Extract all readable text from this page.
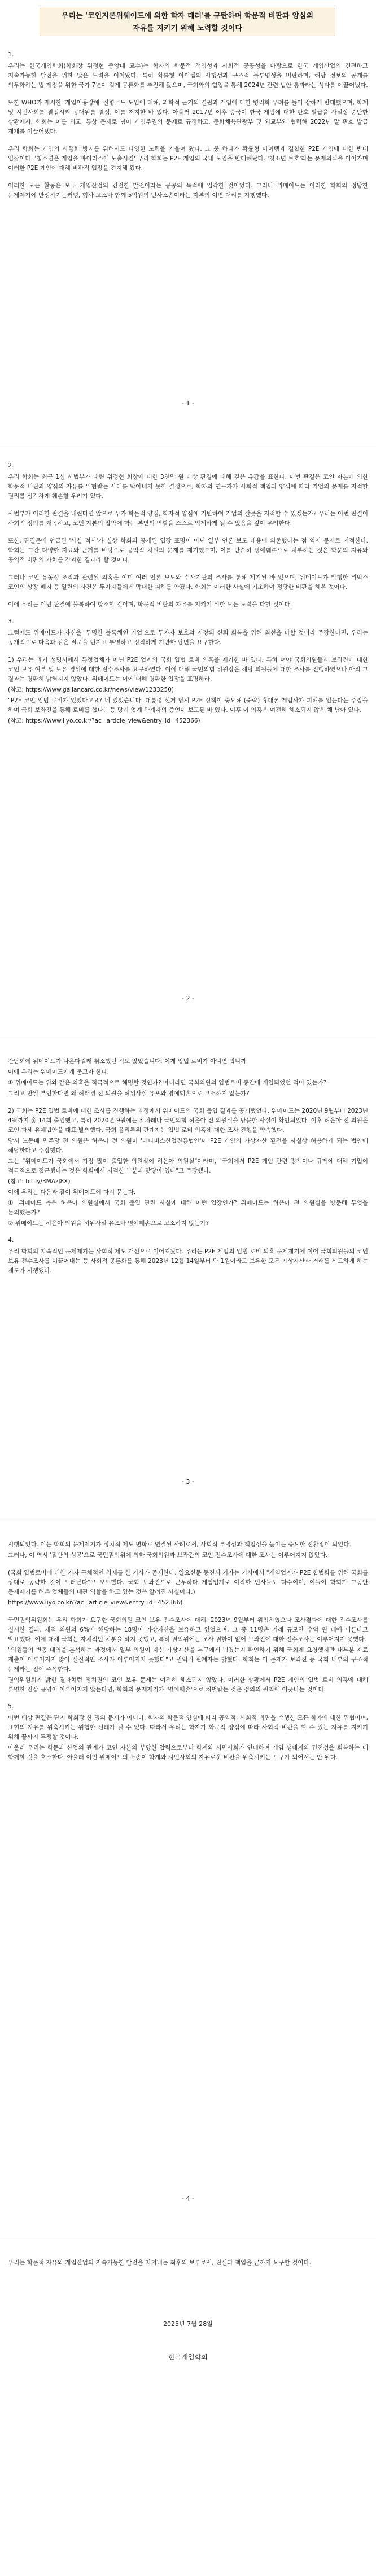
우리는 '코인지론위웨이드에 의한 학자 테러'를 규탄하며 학문적 비판과 양심의
자유를 지키기 위해 노력할 것이다
1.

우리는 한국게임학회(학회장 위정현 중앙대 교수)는 학자의 학문적 책임성과 사회적 공공성을 바탕으로 한국 게임산업의 건전하고 지속가능한 발전을 위한 많은 노력을 이어왔다. 특히 확률형 아이템의 사행성과 구조적 불투명성을 비판하며, 해당 정보의 공개를 의무화하는 법 제정을 위한 국가 7년여 길게 공론화를 추진해 왔으며, 국회와의 협업을 통해 2024년 관련 법안 통과라는 성과를 이끌어냈다.

또한 WHO가 제시한 '게임이용장애' 질병코드 도입에 대해, 과학적 근거의 결핍과 게임에 대한 병리화 우려를 들어 강하게 반대했으며, 학계 및 시민사회를 결집시켜 공대위를 결성, 이를 저지한 바 있다. 아울러 2017년 이후 중국이 한국 게임에 대한 판호 발급을 사실상 중단한 상황에서, 학회는 이를 외교, 통상 문제로 넘어 게임주권의 문제로 규정하고, 문화체육관광부 및 외교부와 협력해 2022년 말 판호 발급 재개를 이끌어냈다.

우리 학회는 게임의 사행화 방지를 위해서도 다양한 노력을 기울여 왔다. 그 중 하나가 확률형 아이템과 결합한 P2E 게임에 대한 반대 입장이다. '청소년은 게임을 바이러스에 노출시킨' 우리 학회는 P2E 게임의 국내 도입을 반대해왔다. '청소년 보호'라는 문제의식을 이어가며 이러한 P2E 게임에 대해 비판적 입장을 견지해 왔다.

이러한 모든 활동은 모두 게임산업의 건전한 발전이라는 공공의 목적에 입각한 것이었다. 그러나 위메이드는 이러한 학회의 정당한 문제제기에 반성하기는커녕, 형사 고소와 함께 5억원의 민사소송이라는 자본의 이면 대리를 자행했다.

- 1 -
2.

우리 학회는 최근 1심 사법부가 내린 위정현 회장에 대한 3천만 원 배상 판결에 대해 깊은 유감을 표한다. 이번 판결은 코인 자본에 의한 학문적 비판과 양심의 자유를 위협받는 사태를 막아내지 못한 결정으로, 학자와 연구자가 사회적 책임과 양심에 따라 기업의 문제를 지적할 권리를 심각하게 훼손할 우려가 있다.

사법부가 이러한 판결을 내린다면 앞으로 누가 학문적 양심, 학자적 양심에 기반하여 기업의 잘못을 지적할 수 있겠는가? 우리는 이번 판결이 사회적 정의를 왜곡하고, 코인 자본의 압박에 학문 본연의 역할을 스스로 억제하게 될 수 있음을 깊이 우려한다.

또한, 판결문에 언급된 '사실 적시'가 실상 학회의 공개된 입장 표명이 아닌 일부 언론 보도 내용에 의존했다는 점 역시 문제로 지적한다. 학회는 그간 다양한 자료와 근거를 바탕으로 공익적 차원의 문제를 제기했으며, 이를 단순히 명예훼손으로 치부하는 것은 학문의 자유와 공익적 비판의 가치를 간과한 결과라 할 것이다.

그러나 코인 유동성 조작과 관련된 의혹은 이미 여러 언론 보도와 수사기관의 조사를 통해 제기된 바 있으며, 위메이드가 발행한 위믹스 코인의 상장 폐지 등 일련의 사건은 투자자들에게 막대한 피해를 안겼다. 학회는 이러한 사실에 기초하여 정당한 비판을 해온 것이다.

이에 우리는 이번 판결에 불복하여 항소할 것이며, 학문적 비판의 자유를 지키기 위한 모든 노력을 다할 것이다.

3.

그럼에도 위메이드가 자신을 '투명한 블록체인 기업'으로 투자자 보호와 시장의 신뢰 회복을 위해 최선을 다할 것이라 주장한다면, 우리는 공개적으로 다음과 같은 질문을 던지고 투명하고 정직하게 기만한 답변을 요구한다.

1) 우리는 과거 성명서에서 특정업체가 아닌 P2E 업계의 국회 입법 로비 의혹을 제기한 바 있다. 특히 여야 국회의원들과 보좌진에 대한 코인 보유 여부 및 보유 경위에 대한 전수조사를 요구하였다. 이에 대해 국민의힘 위원장은 해당 의원들에 대한 조사를 진행하였으나 아직 그 결과는 명확히 밝혀지지 않았다. 위메이드는 이에 대해 명확한 입장을 표명하라.

(참고: https://www.gallancard.co.kr/news/view/1233250)

"P2E 코인 입법 로비가 있었다고요? 네 있었습니다. 대통령 선거 당시 P2E 정책이 중요해 (중략) 휴대폰 게임사가 피해를 입는다는 주장을 하며 국회 보좌진을 통해 로비를 했다." 등 당시 업계 관계자의 증언이 보도된 바 있다. 이후 이 의혹은 여전히 해소되지 않은 채 남아 있다.

(참고: https://www.iiyo.co.kr/?ac=article_view&entry_id=452366)

- 2 -

간담회에 위메이드가 나온다길래 취소했던 적도 있었습니다. 이게 입법 로비가 아니면 뭡니까"

이에 우리는 위메이드에게 묻고자 한다.

① 위메이드는 위와 같은 의혹을 적극적으로 해명할 것인가? 아니라면 국회의원의 입법로비 중간에 개입되었던 적이 있는가?

그리고 만일 부인한다면 왜 허태경 전 의원을 허위사실 유포와 명예훼손으로 고소하지 않는가?

2) 국회는 P2E 입법 로비에 대한 조사를 진행하는 과정에서 위메이드의 국회 출입 결과를 공개했었다. 위메이드는 2020년 9월부터 2023년 4월까지 총 14회 출입했고, 특히 2020년 9월에는 3 차례나 국민의힘 허은아 전 의원실을 방문한 사실이 확인되었다. 이후 허은아 전 의원은 코인 과세 유예법안을 대표 발의했다. 국회 윤리특위 관계자는 입법 로비 의혹에 대한 조사 진행을 약속했다.

당시 노동배 민주당 전 의원은 허은아 전 의원이 '메타버스산업진흥법안'이 P2E 게임의 가상자산 환전을 사실상 허용하게 되는 법안에 해당한다고 주장했다.

그는 "위메이드가 국회에서 가장 많이 출입한 의원실이 허은아 의원실"이라며, "국회에서 P2E 게임 관련 정책이나 규제에 대해 기업이 적극적으로 접근했다는 것은 학회에서 지적한 부분과 맞닿아 있다"고 주장했다.

(참고: bit.ly/3MAzJ8X)

이에 우리는 다음과 같이 위메이드에 다시 묻는다.

① 위메이드 측은 허은아 의원실에서 국회 출입 관련 사실에 대해 어떤 입장인가? 위메이드는 허은아 전 의원실을 방문해 무엇을 논의했는가?

② 위메이드는 허은아 의원을 허위사실 유포와 명예훼손으로 고소하지 않는가?

4.

우리 학회의 지속적인 문제제기는 사회적 제도 개선으로 이어져왔다. 우리는 P2E 게임의 입법 로비 의혹 문제제기에 이어 국회의원들의 코인 보유 전수조사를 이끌어내는 등 사회적 공론화를 통해 2023년 12월 14일부터 단 1원이라도 보유한 모든 가상자산과 거래를 신고하게 하는 제도가 시행됐다.

- 3 -

시행되었다. 이는 학회의 문제제기가 정치적 제도 변화로 연결된 사례로서, 사회적 투명성과 책임성을 높이는 중요한 전환점이 되었다.

그러나, 이 역시 '절반의 성공'으로 국민권익위에 의한 국회의원과 보좌관의 코인 전수조사에 대한 조사는 이루어지지 않았다.

(국회 입법로비에 대한 기자 구체적인 취재를 한 기사가 존재한다. 일요신문 동진서 기자는 기사에서 "게임업계가 P2E 합법화를 위해 국회를 상대로 공략한 것이 드러났다"고 보도했다. 국회 보좌진으로 근무하다 게임업계로 이직한 인사들도 다수이며, 이들이 학회가 그동안 문제제기를 해온 업체들의 대관 역할을 하고 있는 것은 알려진 사실이다.)

https://www.iiyo.co.kr/?ac=article_view&entry_id=452366)

국민권익위원회는 우리 학회가 요구한 국회의원 코인 보유 전수조사에 대해, 2023년 9월부터 위임하였으나 조사결과에 대한 전수조사를 실시한 결과, 재적 의원의 6%에 해당하는 18명이 가상자산을 보유하고 있었으며, 그 중 11명은 거래 규모만 수억 원 대에 이른다고 발표했다. 이에 대해 국회는 자체적인 처분을 하지 못했고, 특히 권익위에는 조사 권한이 없어 보좌진에 대한 전수조사는 이루어지지 못했다.

"의원들의 변동 내역을 분석하는 과정에서 일부 의원이 자신 가상자산을 누구에게 넘겼는지 확인하기 위해 국회에 요청했지만 대부분 자료 제출이 이루어지지 않아 실질적인 조사가 이루어지지 못했다"고 권익위 관계자는 밝혔다. 학회는 이 문제가 보좌진 등 국회 내부의 구조적 문제라는 점에 주목한다.

권익위원회가 밝힌 결과처럼 정치권의 코인 보유 문제는 여전히 해소되지 않았다. 이러한 상황에서 P2E 게임의 입법 로비 의혹에 대해 분명한 진상 규명이 이루어지지 않는다면, 학회의 문제제기가 '명예훼손'으로 처벌받는 것은 정의의 원칙에 어긋나는 것이다.

5.

이번 배상 판결은 단지 학회장 한 명의 문제가 아니다. 학자의 학문적 양심에 따라 공익적, 사회적 비판을 수행한 모든 학자에 대한 위협이며, 표현의 자유를 위축시키는 위험한 선례가 될 수 있다. 따라서 우리는 학자가 학문적 양심에 따라 사회적 비판을 할 수 있는 자유를 지키기 위해 끝까지 투쟁할 것이다.

아울러 우리는 학문과 산업의 관계가 코인 자본의 부당한 압력으로부터 학계와 시민사회가 연대하여 게임 생태계의 건전성을 회복하는 데 함께할 것을 호소한다. 아울러 이번 위메이드의 소송이 학계와 시민사회의 자유로운 비판을 위축시키는 도구가 되어서는 안 된다.

- 4 -

우리는 학문적 자유와 게임산업의 지속가능한 발전을 지켜내는 최후의 보루로서, 진실과 책임을 끝까지 요구할 것이다.

2025년 7월 28일
한국게임학회
